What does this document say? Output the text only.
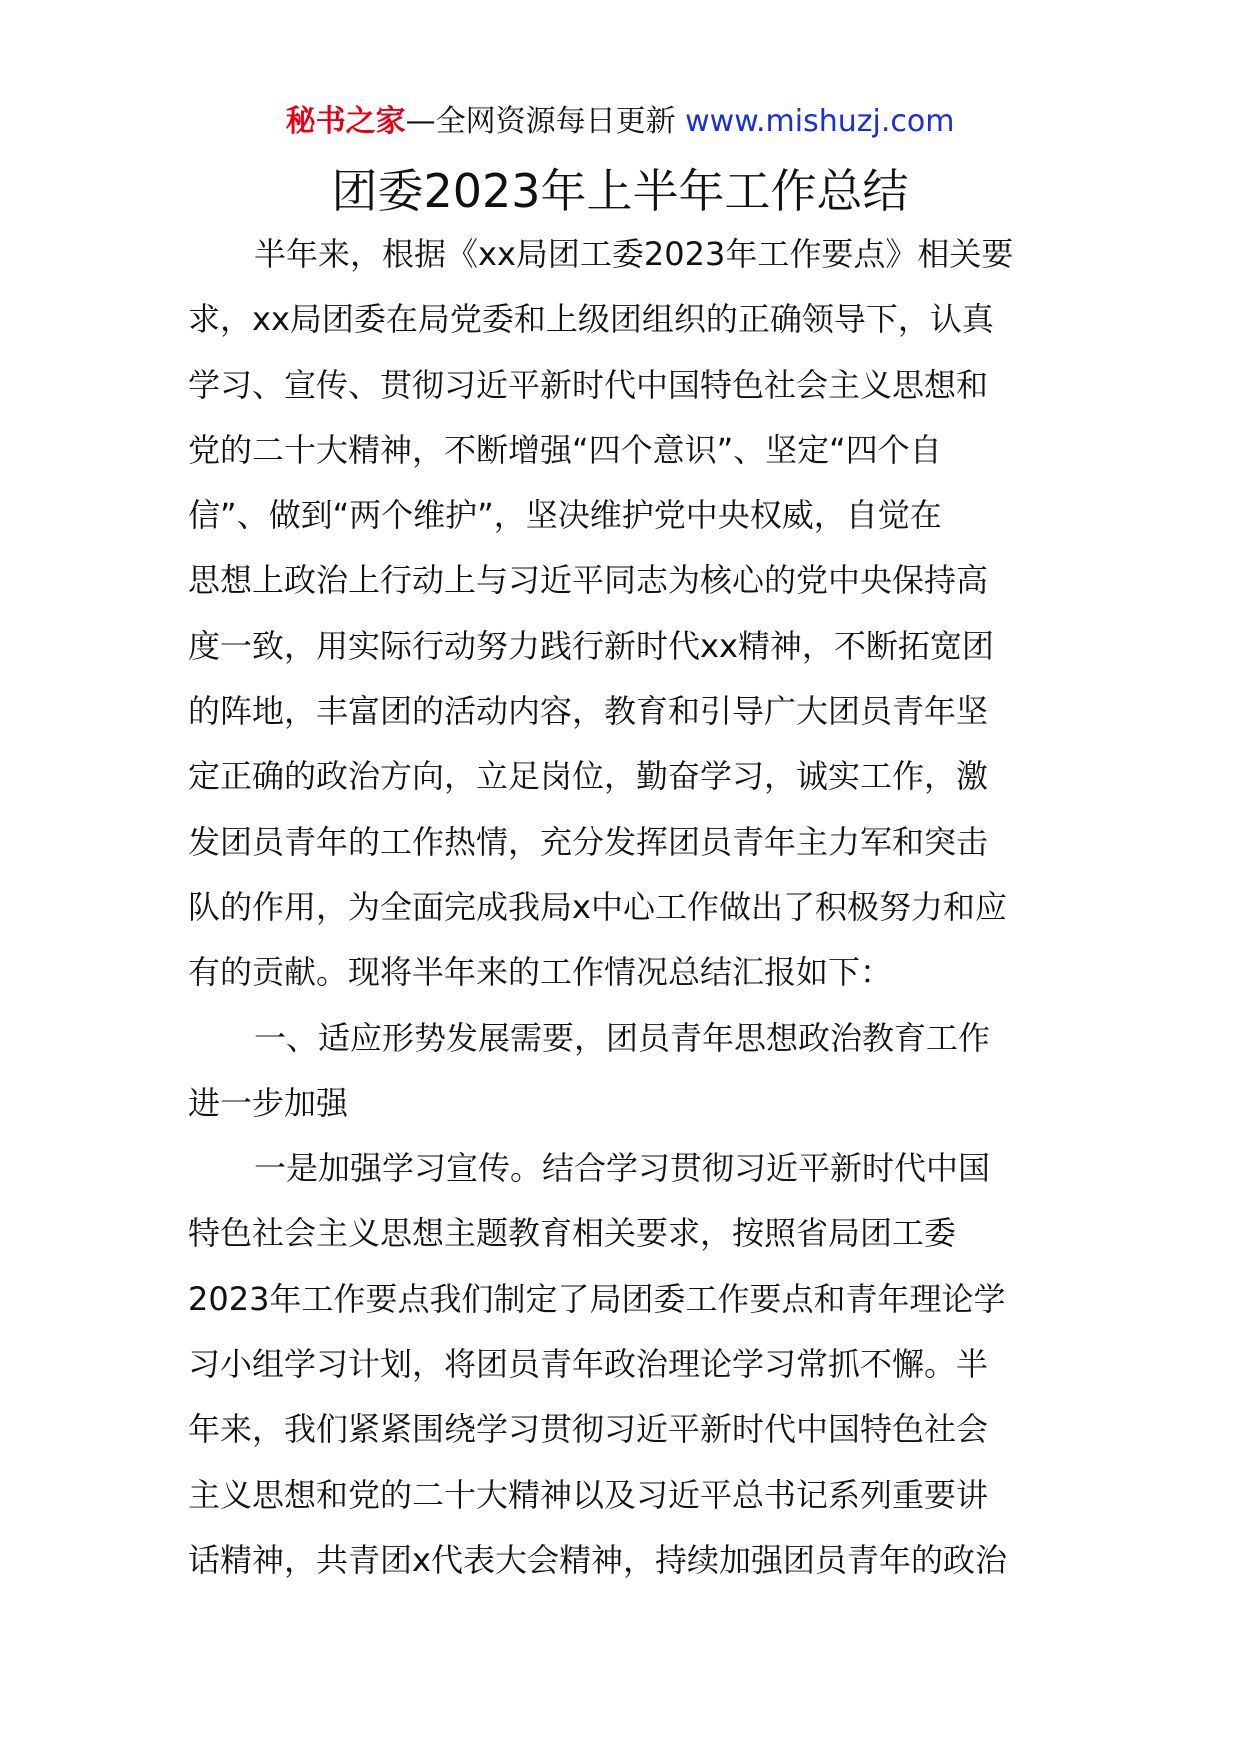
秘书之家—全网资源每日更新 www.mishuzj.com
团委2023年上半年工作总结
半年来，根据《xx局团工委2023年工作要点》相关要
求，xx局团委在局党委和上级团组织的正确领导下，认真
学习、宣传、贯彻习近平新时代中国特色社会主义思想和
党的二十大精神，不断增强“四个意识”、坚定“四个自
信”、做到“两个维护”，坚决维护党中央权威，自觉在
思想上政治上行动上与习近平同志为核心的党中央保持高
度一致，用实际行动努力践行新时代xx精神，不断拓宽团
的阵地，丰富团的活动内容，教育和引导广大团员青年坚
定正确的政治方向，立足岗位，勤奋学习，诚实工作，激
发团员青年的工作热情，充分发挥团员青年主力军和突击
队的作用，为全面完成我局x中心工作做出了积极努力和应
有的贡献。现将半年来的工作情况总结汇报如下：
一、适应形势发展需要，团员青年思想政治教育工作
进一步加强
一是加强学习宣传。结合学习贯彻习近平新时代中国
特色社会主义思想主题教育相关要求，按照省局团工委
2023年工作要点我们制定了局团委工作要点和青年理论学
习小组学习计划，将团员青年政治理论学习常抓不懈。半
年来，我们紧紧围绕学习贯彻习近平新时代中国特色社会
主义思想和党的二十大精神以及习近平总书记系列重要讲
话精神，共青团x代表大会精神，持续加强团员青年的政治
